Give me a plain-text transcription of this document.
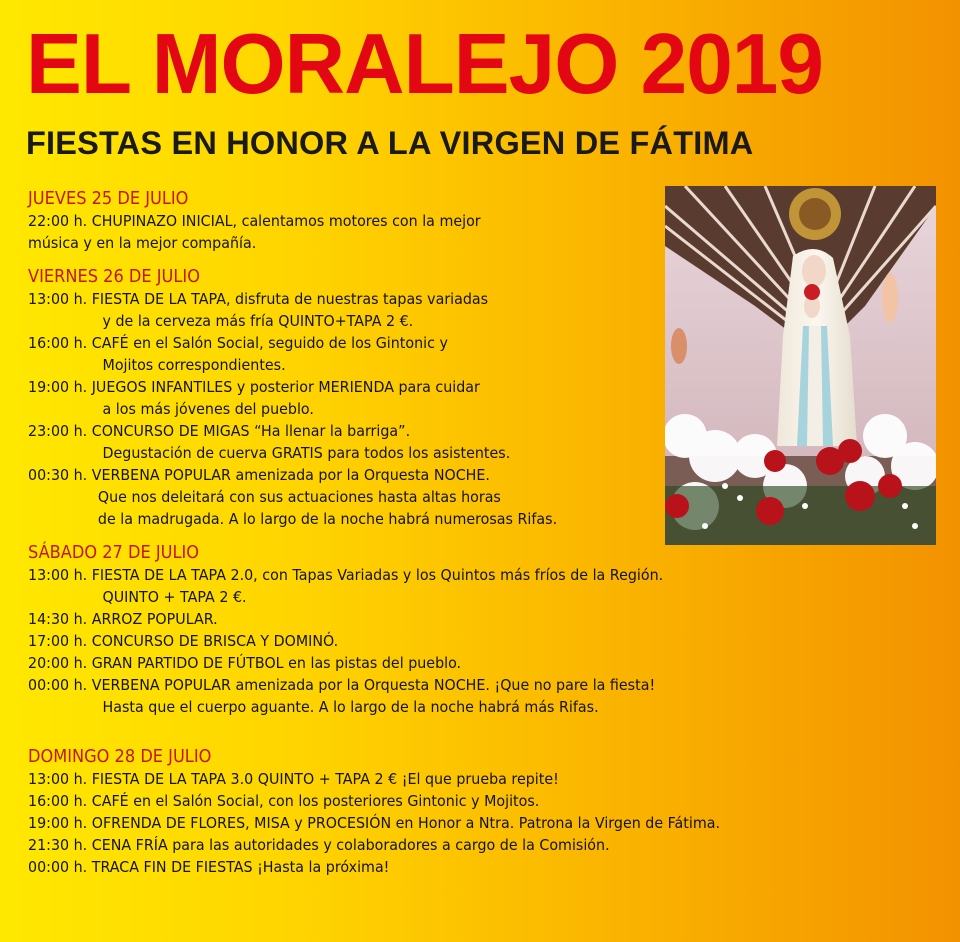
EL MORALEJO 2019
FIESTAS EN HONOR A LA VIRGEN DE FÁTIMA
JUEVES 25 DE JULIO
22:00 h. CHUPINAZO INICIAL, calentamos motores con la mejor
música y en la mejor compañía.
VIERNES 26 DE JULIO
13:00 h. FIESTA DE LA TAPA, disfruta de nuestras tapas variadas
y de la cerveza más fría QUINTO+TAPA 2 €.
16:00 h. CAFÉ en el Salón Social, seguido de los Gintonic y
Mojitos correspondientes.
19:00 h. JUEGOS INFANTILES y posterior MERIENDA para cuidar
a los más jóvenes del pueblo.
23:00 h. CONCURSO DE MIGAS “Ha llenar la barriga”.
Degustación de cuerva GRATIS para todos los asistentes.
00:30 h. VERBENA POPULAR amenizada por la Orquesta NOCHE.
Que nos deleitará con sus actuaciones hasta altas horas
de la madrugada. A lo largo de la noche habrá numerosas Rifas.
SÁBADO 27 DE JULIO
13:00 h. FIESTA DE LA TAPA 2.0, con Tapas Variadas y los Quintos más fríos de la Región.
QUINTO + TAPA 2 €.
14:30 h. ARROZ POPULAR.
17:00 h. CONCURSO DE BRISCA Y DOMINÓ.
20:00 h. GRAN PARTIDO DE FÚTBOL en las pistas del pueblo.
00:00 h. VERBENA POPULAR amenizada por la Orquesta NOCHE. ¡Que no pare la fiesta!
Hasta que el cuerpo aguante. A lo largo de la noche habrá más Rifas.
DOMINGO 28 DE JULIO
13:00 h. FIESTA DE LA TAPA 3.0 QUINTO + TAPA 2 € ¡El que prueba repite!
16:00 h. CAFÉ en el Salón Social, con los posteriores Gintonic y Mojitos.
19:00 h. OFRENDA DE FLORES, MISA y PROCESIÓN en Honor a Ntra. Patrona la Virgen de Fátima.
21:30 h. CENA FRÍA para las autoridades y colaboradores a cargo de la Comisión.
00:00 h. TRACA FIN DE FIESTAS ¡Hasta la próxima!
